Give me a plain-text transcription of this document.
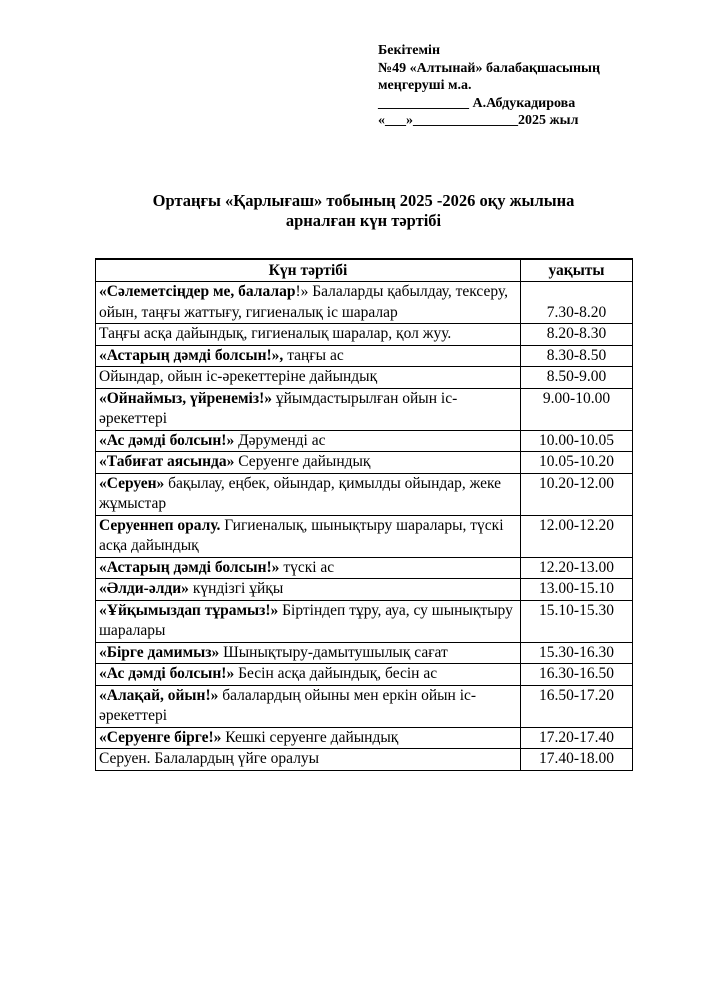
Бекітемін
№49 «Алтынай» балабақшасының
меңгеруші м.а.
_____________ А.Абдукадирова
«___»_______________2025 жыл
Ортаңғы «Қарлығаш» тобының 2025 -2026 оқу жылына
арналған күн тәртібі
Күн тәртібі	уақыты
«Сәлеметсіңдер ме, балалар!» Балаларды қабылдау, тексеру, ойын, таңғы жаттығу, гигиеналық іс шаралар	7.30-8.20
Таңғы асқа дайындық, гигиеналық шаралар, қол жуу.	8.20-8.30
«Астарың дәмді болсын!», таңғы ас	8.30-8.50
Ойындар, ойын іс-әрекеттеріне дайындық	8.50-9.00
«Ойнаймыз, үйренеміз!» ұйымдастырылған ойын іс-әрекеттері	9.00-10.00
«Ас дәмді болсын!» Дәруменді ас	10.00-10.05
«Табиғат аясында» Серуенге дайындық	10.05-10.20
«Серуен» бақылау, еңбек, ойындар, қимылды ойындар, жеке жұмыстар	10.20-12.00
Серуеннеп оралу. Гигиеналық, шынықтыру шаралары, түскі асқа дайындық	12.00-12.20
«Астарың дәмді болсын!» түскі ас	12.20-13.00
«Әлди-әлди» күндізгі ұйқы	13.00-15.10
«Ұйқымыздап тұрамыз!» Біртіндеп тұру, ауа, су шынықтыру шаралары	15.10-15.30
«Бірге дамимыз» Шынықтыру-дамытушылық сағат	15.30-16.30
«Ас дәмді болсын!» Бесін асқа дайындық, бесін ас	16.30-16.50
«Алақай, ойын!» балалардың ойыны мен еркін ойын іс-әрекеттері	16.50-17.20
«Серуенге бірге!» Кешкі серуенге дайындық	17.20-17.40
Серуен. Балалардың үйге оралуы	17.40-18.00
